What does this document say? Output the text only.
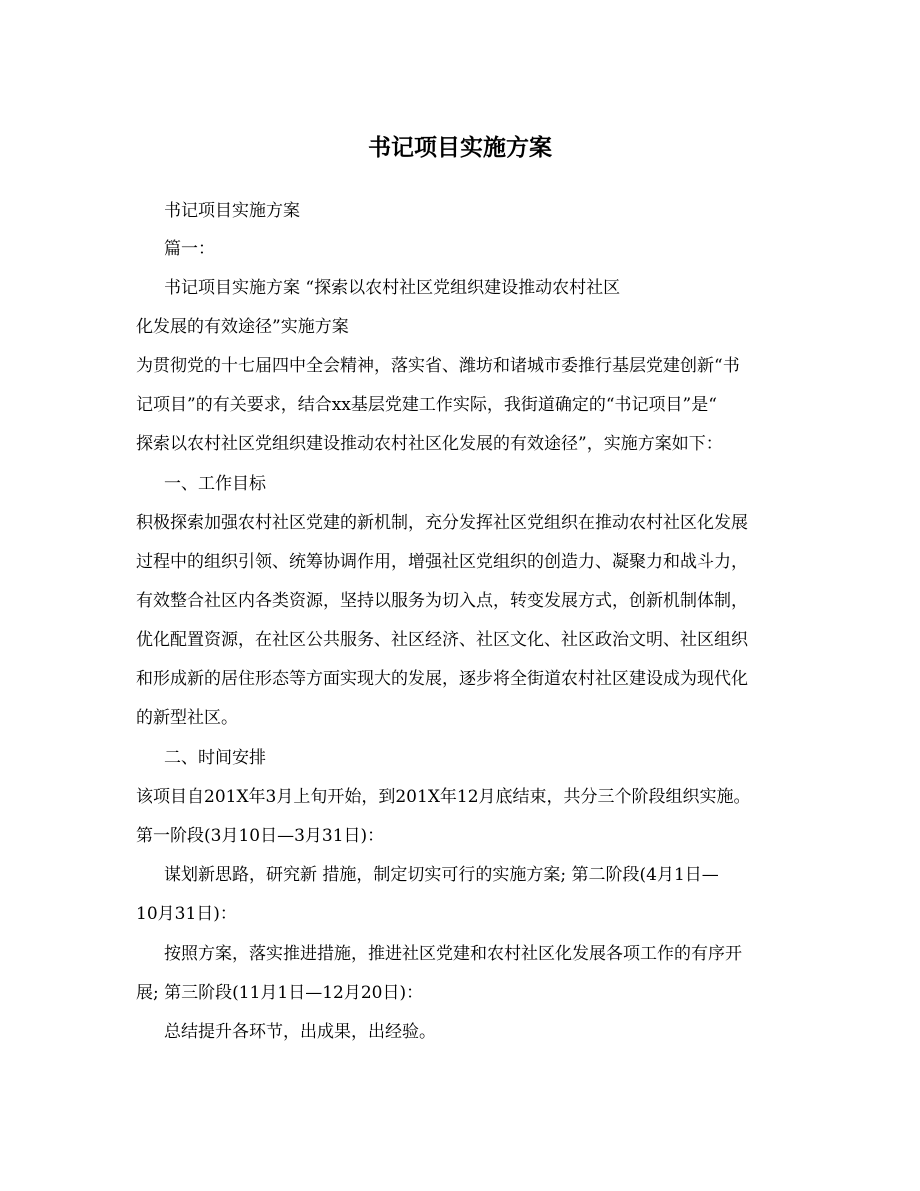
书记项目实施方案
书记项目实施方案
篇一：
书记项目实施方案 “探索以农村社区党组织建设推动农村社区
化发展的有效途径”实施方案
为贯彻党的十七届四中全会精神，落实省、潍坊和诸城市委推行基层党建创新“书
记项目”的有关要求，结合xx基层党建工作实际，我街道确定的“书记项目”是“
探索以农村社区党组织建设推动农村社区化发展的有效途径”，实施方案如下：
一、工作目标
积极探索加强农村社区党建的新机制，充分发挥社区党组织在推动农村社区化发展
过程中的组织引领、统筹协调作用，增强社区党组织的创造力、凝聚力和战斗力，
有效整合社区内各类资源，坚持以服务为切入点，转变发展方式，创新机制体制，
优化配置资源，在社区公共服务、社区经济、社区文化、社区政治文明、社区组织
和形成新的居住形态等方面实现大的发展，逐步将全街道农村社区建设成为现代化
的新型社区。
二、时间安排
该项目自201X年3月上旬开始，到201X年12月底结束，共分三个阶段组织实施。
第一阶段(3月10日—3月31日)：
谋划新思路，研究新 措施，制定切实可行的实施方案; 第二阶段(4月1日—
10月31日)：
按照方案，落实推进措施，推进社区党建和农村社区化发展各项工作的有序开
展; 第三阶段(11月1日—12月20日)：
总结提升各环节，出成果，出经验。
